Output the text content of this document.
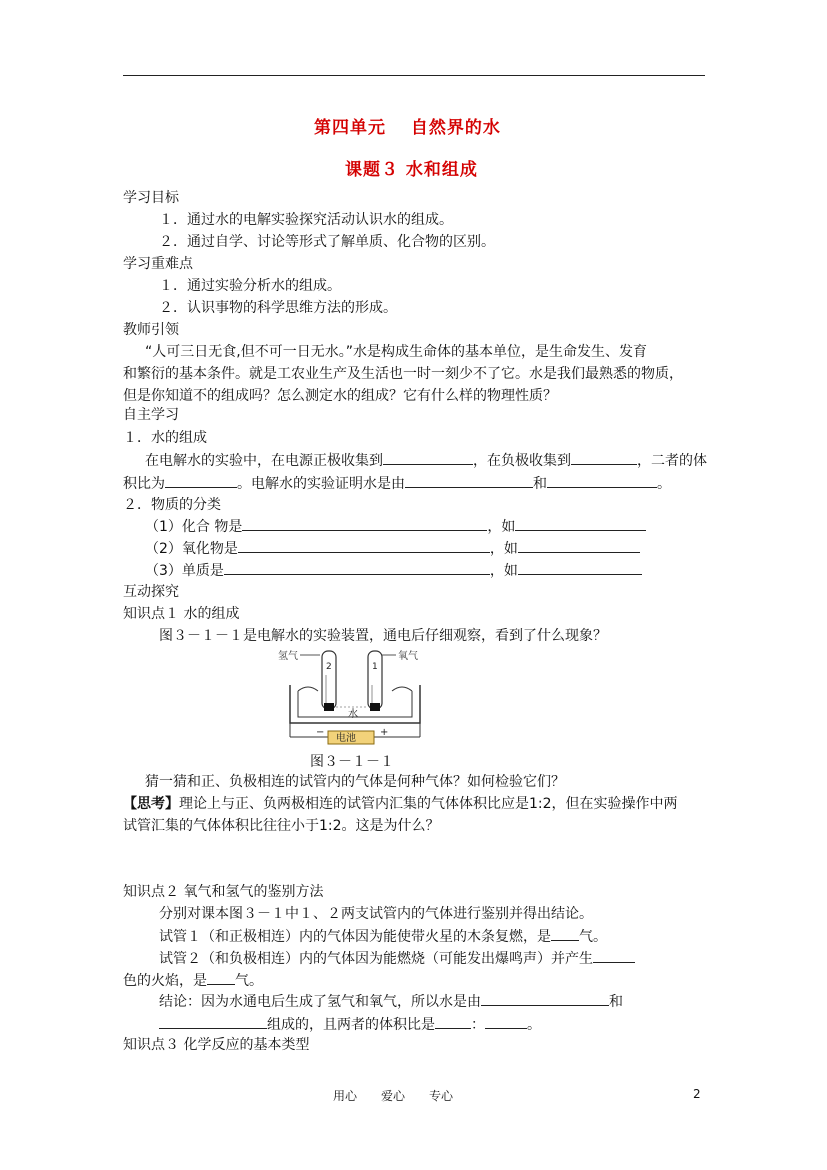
第四单元　 自然界的水
课题３ 水和组成
学习目标
１．通过水的电解实验探究活动认识水的组成。
２．通过自学、讨论等形式了解单质、化合物的区别。
学习重难点
１．通过实验分析水的组成。
２．认识事物的科学思维方法的形成。
教师引领
“人可三日无食,但不可一日无水。”水是构成生命体的基本单位，是生命发生、发育
和繁衍的基本条件。就是工农业生产及生活也一时一刻少不了它。水是我们最熟悉的物质，
但是你知道不的组成吗？怎么测定水的组成？它有什么样的物理性质？
自主学习
１．水的组成
在电解水的实验中，在电源正极收集到	，在负极收集到	，二者的体
积比为	。电解水的实验证明水是由	和	。
２．物质的分类
（1）化合 物是	，如
（2）氧化物是	，如
（3）单质是	，如
互动探究
知识点１ 水的组成
图３－１－１是电解水的实验装置，通电后仔细观察，看到了什么现象？
氢气	氧气
2	1
水
电池
−	+
图３－１－１
猜一猜和正、负极相连的试管内的气体是何种气体？如何检验它们？
【思考】理论上与正、负两极相连的试管内汇集的气体体积比应是1:2，但在实验操作中两
试管汇集的气体体积比往往小于1:2。这是为什么？
知识点２ 氧气和氢气的鉴别方法
分别对课本图３－１中１、２两支试管内的气体进行鉴别并得出结论。
试管１（和正极相连）内的气体因为能使带火星的木条复燃，是 气。
试管２（和负极相连）内的气体因为能燃烧（可能发出爆鸣声）并产生
色的火焰，是 气。
结论：因为水通电后生成了氢气和氧气，所以水是由	和
组成的，且两者的体积比是	：	。
知识点３ 化学反应的基本类型
用心　　爱心　　专心	2
